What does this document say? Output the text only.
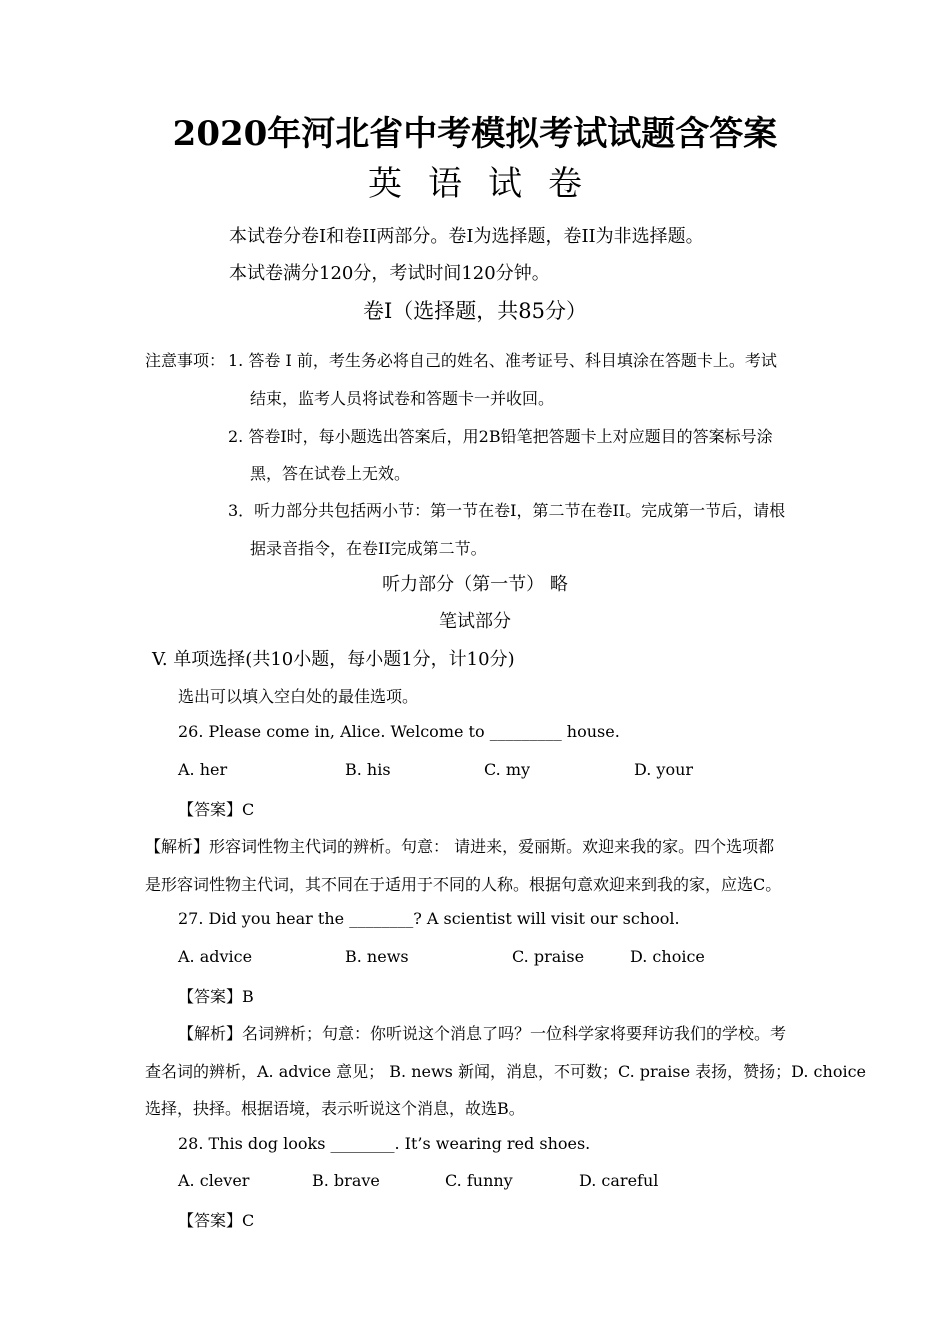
2020年河北省中考模拟考试试题含答案
英语试卷
本试卷分卷I和卷II两部分。卷I为选择题，卷II为非选择题。
本试卷满分120分，考试时间120分钟。
卷I（选择题，共85分）
注意事项： 1. 答卷 I 前，考生务必将自己的姓名、准考证号、科目填涂在答题卡上。考试
结束，监考人员将试卷和答题卡一并收回。
2. 答卷I时，每小题选出答案后，用2B铅笔把答题卡上对应题目的答案标号涂
黑，答在试卷上无效。
3．听力部分共包括两小节：第一节在卷I，第二节在卷II。完成第一节后，请根
据录音指令，在卷II完成第二节。
听力部分（第一节） 略
笔试部分
V. 单项选择(共10小题，每小题1分，计10分)
选出可以填入空白处的最佳选项。
26. Please come in, Alice. Welcome to _________ house.
A. her	B. his	C. my	D. your
【答案】C
【解析】形容词性物主代词的辨析。句意： 请进来，爱丽斯。欢迎来我的家。四个选项都
是形容词性物主代词，其不同在于适用于不同的人称。根据句意欢迎来到我的家，应选C。
27. Did you hear the ________? A scientist will visit our school.
A. advice	B. news	C. praise	D. choice
【答案】B
【解析】名词辨析；句意：你听说这个消息了吗？一位科学家将要拜访我们的学校。考
查名词的辨析，A. advice 意见； B. news 新闻，消息，不可数；C. praise 表扬，赞扬；D. choice
选择，抉择。根据语境，表示听说这个消息，故选B。
28. This dog looks ________. It’s wearing red shoes.
A. clever	B. brave	C. funny	D. careful
【答案】C
